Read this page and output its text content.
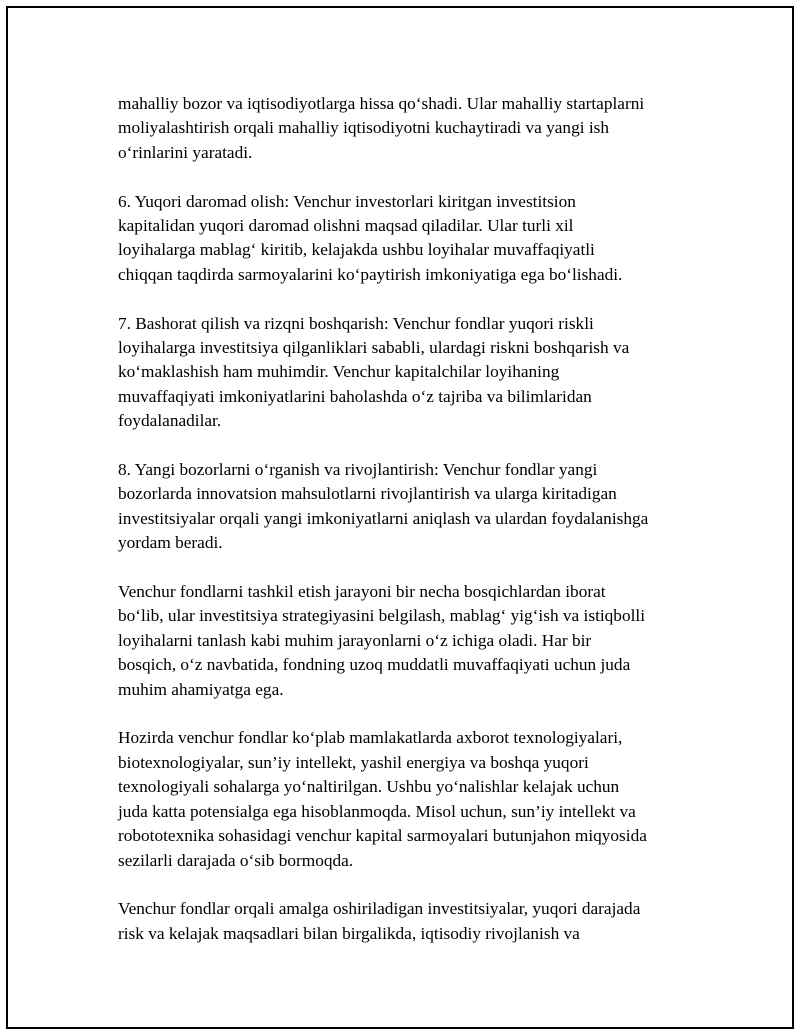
mahalliy bozor va iqtisodiyotlarga hissa qo‘shadi. Ular mahalliy startaplarni
moliyalashtirish orqali mahalliy iqtisodiyotni kuchaytiradi va yangi ish
o‘rinlarini yaratadi.

6. Yuqori daromad olish: Venchur investorlari kiritgan investitsion
kapitalidan yuqori daromad olishni maqsad qiladilar. Ular turli xil
loyihalarga mablag‘ kiritib, kelajakda ushbu loyihalar muvaffaqiyatli
chiqqan taqdirda sarmoyalarini ko‘paytirish imkoniyatiga ega bo‘lishadi.

7. Bashorat qilish va rizqni boshqarish: Venchur fondlar yuqori riskli
loyihalarga investitsiya qilganliklari sababli, ulardagi riskni boshqarish va
ko‘maklashish ham muhimdir. Venchur kapitalchilar loyihaning
muvaffaqiyati imkoniyatlarini baholashda o‘z tajriba va bilimlaridan
foydalanadilar.

8. Yangi bozorlarni o‘rganish va rivojlantirish: Venchur fondlar yangi
bozorlarda innovatsion mahsulotlarni rivojlantirish va ularga kiritadigan
investitsiyalar orqali yangi imkoniyatlarni aniqlash va ulardan foydalanishga
yordam beradi.

Venchur fondlarni tashkil etish jarayoni bir necha bosqichlardan iborat
bo‘lib, ular investitsiya strategiyasini belgilash, mablag‘ yig‘ish va istiqbolli
loyihalarni tanlash kabi muhim jarayonlarni o‘z ichiga oladi. Har bir
bosqich, o‘z navbatida, fondning uzoq muddatli muvaffaqiyati uchun juda
muhim ahamiyatga ega.

Hozirda venchur fondlar ko‘plab mamlakatlarda axborot texnologiyalari,
biotexnologiyalar, sun’iy intellekt, yashil energiya va boshqa yuqori
texnologiyali sohalarga yo‘naltirilgan. Ushbu yo‘nalishlar kelajak uchun
juda katta potensialga ega hisoblanmoqda. Misol uchun, sun’iy intellekt va
robototexnika sohasidagi venchur kapital sarmoyalari butunjahon miqyosida
sezilarli darajada o‘sib bormoqda.

Venchur fondlar orqali amalga oshiriladigan investitsiyalar, yuqori darajada
risk va kelajak maqsadlari bilan birgalikda, iqtisodiy rivojlanish va
